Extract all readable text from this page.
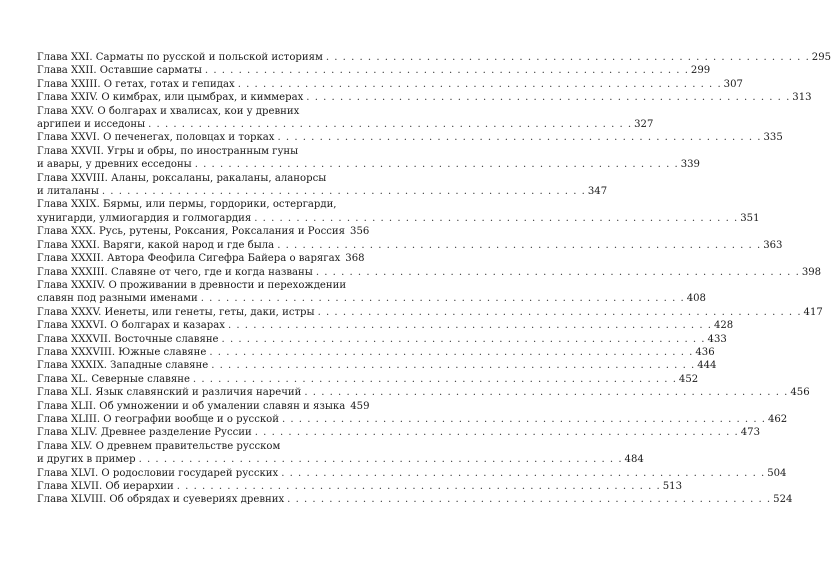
Глава XXI. Сарматы по русской и польской историям . . . . . . . . . . . . . . . . . . . . . . . . . . . . . . . . . . . . . . . . . . . . . . . . . . . . . . . . . . 295
Глава XXII. Оставшие сарматы . . . . . . . . . . . . . . . . . . . . . . . . . . . . . . . . . . . . . . . . . . . . . . . . . . . . . . . . . . 299
Глава XXIII. О гетах, готах и гепидах . . . . . . . . . . . . . . . . . . . . . . . . . . . . . . . . . . . . . . . . . . . . . . . . . . . . . . . . . . 307
Глава XXIV. О кимбрах, или цымбрах, и киммерах . . . . . . . . . . . . . . . . . . . . . . . . . . . . . . . . . . . . . . . . . . . . . . . . . . . . . . . . . . 313
Глава XXV. О болгарах и хвалисах, кои у древних
аргипеи и исседоны . . . . . . . . . . . . . . . . . . . . . . . . . . . . . . . . . . . . . . . . . . . . . . . . . . . . . . . . . . 327
Глава XXVI. О печенегах, половцах и торках . . . . . . . . . . . . . . . . . . . . . . . . . . . . . . . . . . . . . . . . . . . . . . . . . . . . . . . . . . 335
Глава XXVII. Угры и обры, по иностранным гуны
и авары, у древних есседоны . . . . . . . . . . . . . . . . . . . . . . . . . . . . . . . . . . . . . . . . . . . . . . . . . . . . . . . . . . 339
Глава XXVIII. Аланы, роксаланы, ракаланы, аланорсы
и литаланы . . . . . . . . . . . . . . . . . . . . . . . . . . . . . . . . . . . . . . . . . . . . . . . . . . . . . . . . . . 347
Глава XXIX. Бярмы, или пермы, гордорики, остергарди,
хунигарди, улмиогардия и голмогардия . . . . . . . . . . . . . . . . . . . . . . . . . . . . . . . . . . . . . . . . . . . . . . . . . . . . . . . . . . 351
Глава XXX. Русь, рутены, Роксания, Роксалания и Россия 356
Глава XXXI. Варяги, какой народ и где была . . . . . . . . . . . . . . . . . . . . . . . . . . . . . . . . . . . . . . . . . . . . . . . . . . . . . . . . . . 363
Глава XXXII. Автора Феофила Сигефра Байера о варягах 368
Глава XXXIII. Славяне от чего, где и когда названы . . . . . . . . . . . . . . . . . . . . . . . . . . . . . . . . . . . . . . . . . . . . . . . . . . . . . . . . . . 398
Глава XXXIV. О проживании в древности и перехождении
славян под разными именами . . . . . . . . . . . . . . . . . . . . . . . . . . . . . . . . . . . . . . . . . . . . . . . . . . . . . . . . . . 408
Глава XXXV. Иенеты, или генеты, геты, даки, истры . . . . . . . . . . . . . . . . . . . . . . . . . . . . . . . . . . . . . . . . . . . . . . . . . . . . . . . . . . 417
Глава XXXVI. О болгарах и казарах . . . . . . . . . . . . . . . . . . . . . . . . . . . . . . . . . . . . . . . . . . . . . . . . . . . . . . . . . . 428
Глава XXXVII. Восточные славяне . . . . . . . . . . . . . . . . . . . . . . . . . . . . . . . . . . . . . . . . . . . . . . . . . . . . . . . . . . 433
Глава XXXVIII. Южные славяне . . . . . . . . . . . . . . . . . . . . . . . . . . . . . . . . . . . . . . . . . . . . . . . . . . . . . . . . . . 436
Глава XXXIX. Западные славяне . . . . . . . . . . . . . . . . . . . . . . . . . . . . . . . . . . . . . . . . . . . . . . . . . . . . . . . . . . 444
Глава XL. Северные славяне . . . . . . . . . . . . . . . . . . . . . . . . . . . . . . . . . . . . . . . . . . . . . . . . . . . . . . . . . . 452
Глава XLI. Язык славянский и различия наречий . . . . . . . . . . . . . . . . . . . . . . . . . . . . . . . . . . . . . . . . . . . . . . . . . . . . . . . . . . 456
Глава XLII. Об умножении и об умалении славян и языка 459
Глава XLIII. О географии вообще и о русской . . . . . . . . . . . . . . . . . . . . . . . . . . . . . . . . . . . . . . . . . . . . . . . . . . . . . . . . . . 462
Глава XLIV. Древнее разделение Руссии . . . . . . . . . . . . . . . . . . . . . . . . . . . . . . . . . . . . . . . . . . . . . . . . . . . . . . . . . . 473
Глава XLV. О древнем правительстве русском
и других в пример . . . . . . . . . . . . . . . . . . . . . . . . . . . . . . . . . . . . . . . . . . . . . . . . . . . . . . . . . . 484
Глава XLVI. О родословии государей русских . . . . . . . . . . . . . . . . . . . . . . . . . . . . . . . . . . . . . . . . . . . . . . . . . . . . . . . . . . 504
Глава XLVII. Об иерархии . . . . . . . . . . . . . . . . . . . . . . . . . . . . . . . . . . . . . . . . . . . . . . . . . . . . . . . . . . 513
Глава XLVIII. Об обрядах и суевериях древних . . . . . . . . . . . . . . . . . . . . . . . . . . . . . . . . . . . . . . . . . . . . . . . . . . . . . . . . . . 524
